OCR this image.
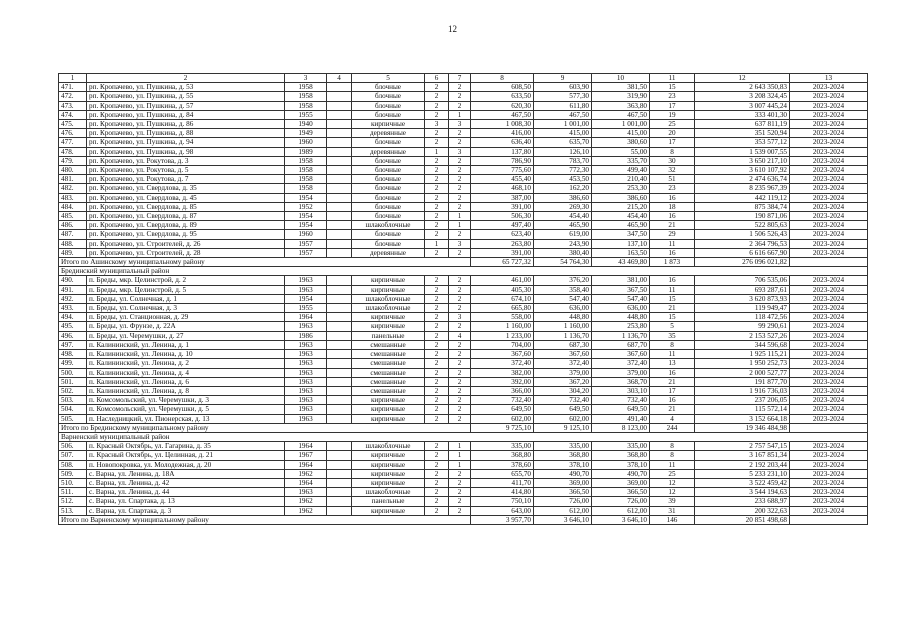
12
1	2	3	4	5	6	7	8	9	10	11	12	13
471.	рп. Кропачево, ул. Пушкина, д. 53	1958		блочные	2	2	608,50	603,90	381,50	15	2 643 350,83	2023-2024
472.	рп. Кропачево, ул. Пушкина, д. 55	1958		блочные	2	2	633,50	577,30	319,90	23	3 208 324,45	2023-2024
473.	рп. Кропачево, ул. Пушкина, д. 57	1958		блочные	2	2	620,30	611,80	363,80	17	3 007 445,24	2023-2024
474.	рп. Кропачево, ул. Пушкина, д. 84	1955		блочные	2	1	467,50	467,50	467,50	19	333 401,30	2023-2024
475.	рп. Кропачево, ул. Пушкина, д. 86	1940		кирпичные	3	3	1 008,30	1 001,00	1 001,00	25	637 811,19	2023-2024
476.	рп. Кропачево, ул. Пушкина, д. 88	1949		деревянные	2	2	416,00	415,00	415,00	20	351 520,94	2023-2024
477.	рп. Кропачево, ул. Пушкина, д. 94	1960		блочные	2	2	636,40	635,70	380,60	17	353 577,12	2023-2024
478.	рп. Кропачево, ул. Пушкина, д. 98	1989		деревянные	1	3	137,80	126,10	55,00	8	1 539 007,55	2023-2024
479.	рп. Кропачево, ул. Рокутова, д. 3	1958		блочные	2	2	786,90	783,70	335,70	30	3 650 217,10	2023-2024
480.	рп. Кропачево, ул. Рокутова, д. 5	1958		блочные	2	2	775,60	772,30	499,40	32	3 610 107,92	2023-2024
481.	рп. Кропачево, ул. Рокутова, д. 7	1958		блочные	2	2	455,40	453,50	210,40	51	2 474 636,74	2023-2024
482.	рп. Кропачево, ул. Свердлова, д. 35	1958		блочные	2	2	468,10	162,20	253,30	23	8 235 967,39	2023-2024
483.	рп. Кропачево, ул. Свердлова, д. 45	1954		блочные	2	2	387,00	386,60	386,60	16	442 119,12	2023-2024
484.	рп. Кропачево, ул. Свердлова, д. 85	1952		блочные	2	2	391,00	269,30	215,20	18	875 384,74	2023-2024
485.	рп. Кропачево, ул. Свердлова, д. 87	1954		блочные	2	1	506,30	454,40	454,40	16	190 871,06	2023-2024
486.	рп. Кропачево, ул. Свердлова, д. 89	1954		шлакоблочные	2	1	497,40	465,90	465,90	21	522 805,63	2023-2024
487.	рп. Кропачево, ул. Свердлова, д. 95	1960		блочные	2	2	623,40	619,00	347,50	29	1 506 526,43	2023-2024
488.	рп. Кропачево, ул. Строителей, д. 26	1957		блочные	1	3	263,80	243,90	137,10	11	2 364 796,53	2023-2024
489.	рп. Кропачево, ул. Строителей, д. 28	1957		деревянные	2	2	391,00	380,40	163,50	16	6 616 667,90	2023-2024
Итого по Ашинскому муниципальному району							65 727,32	54 764,30	43 469,80	1 873	276 096 021,82	
Брединский муниципальный район												
490.	п. Бреды, мкр. Целинстрой, д. 2	1963		кирпичные	2	2	461,00	376,20	381,00	16	706 535,06	2023-2024
491.	п. Бреды, мкр. Целинстрой, д. 5	1963		кирпичные	2	2	405,30	358,40	367,50	11	693 287,61	2023-2024
492.	п. Бреды, ул. Солнечная, д. 1	1954		шлакоблочные	2	2	674,10	547,40	547,40	15	3 620 873,93	2023-2024
493.	п. Бреды, ул. Солнечная, д. 3	1955		шлакоблочные	2	2	665,80	636,00	636,00	21	119 949,47	2023-2024
494.	п. Бреды, ул. Станционная, д. 29	1964		кирпичные	2	3	558,00	448,80	448,80	15	118 472,56	2023-2024
495.	п. Бреды, ул. Фрунзе, д. 22А	1963		кирпичные	2	2	1 160,00	1 160,00	253,80	5	99 290,61	2023-2024
496.	п. Бреды, ул. Черемушки, д. 27	1986		панельные	2	4	1 233,00	1 136,70	1 136,70	35	2 153 527,26	2023-2024
497.	п. Калининский, ул. Ленина, д. 1	1963		смешанные	2	2	704,00	687,30	687,70	8	344 596,68	2023-2024
498.	п. Калининский, ул. Ленина, д. 10	1963		смешанные	2	2	367,60	367,60	367,60	11	1 925 115,21	2023-2024
499.	п. Калининский, ул. Ленина, д. 2	1963		смешанные	2	2	372,40	372,40	372,40	13	1 950 252,73	2023-2024
500.	п. Калининский, ул. Ленина, д. 4	1963		смешанные	2	2	382,00	379,00	379,00	16	2 000 527,77	2023-2024
501.	п. Калининский, ул. Ленина, д. 6	1963		смешанные	2	2	392,00	367,20	368,70	21	191 877,70	2023-2024
502.	п. Калининский, ул. Ленина, д. 8	1963		смешанные	2	2	366,00	304,20	303,10	17	1 916 736,03	2023-2024
503.	п. Комсомольский, ул. Черемушки, д. 3	1963		кирпичные	2	2	732,40	732,40	732,40	16	237 206,05	2023-2024
504.	п. Комсомольский, ул. Черемушки, д. 5	1963		кирпичные	2	2	649,50	649,50	649,50	21	115 572,14	2023-2024
505.	п. Наследницкий, ул. Пионерская, д. 13	1963		кирпичные	2	2	602,00	602,00	491,40	4	3 152 664,18	2023-2024
Итого по Брединскому муниципальному району							9 725,10	9 125,10	8 123,00	244	19 346 484,98	
Варненский муниципальный район												
506.	п. Красный Октябрь, ул. Гагарина, д. 35	1964		шлакоблочные	2	1	335,00	335,00	335,00	8	2 757 547,15	2023-2024
507.	п. Красный Октябрь, ул. Целинная, д. 21	1967		кирпичные	2	1	368,80	368,80	368,80	8	3 167 851,34	2023-2024
508.	п. Новопокровка, ул. Молодежная, д. 20	1964		кирпичные	2	1	378,60	378,10	378,10	11	2 192 203,44	2023-2024
509.	с. Варна, ул. Ленина, д. 18А	1962		кирпичные	2	2	655,70	490,70	490,70	25	5 233 231,10	2023-2024
510.	с. Варна, ул. Ленина, д. 42	1964		кирпичные	2	2	411,70	369,00	369,00	12	3 522 459,42	2023-2024
511.	с. Варна, ул. Ленина, д. 44	1963		шлакоблочные	2	2	414,80	366,50	366,50	12	3 544 194,63	2023-2024
512.	с. Варна, ул. Спартака, д. 13	1962		панельные	2	2	750,10	726,00	726,00	39	233 688,97	2023-2024
513.	с. Варна, ул. Спартака, д. 3	1962		кирпичные	2	2	643,00	612,00	612,00	31	200 322,63	2023-2024
Итого по Варненскому муниципальному району							3 957,70	3 646,10	3 646,10	146	20 851 498,68	
